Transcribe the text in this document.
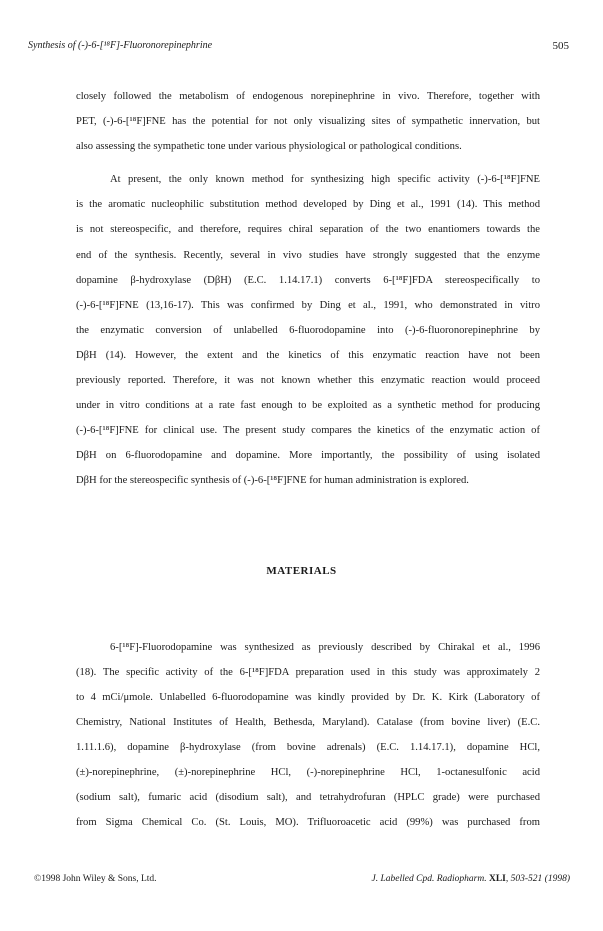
Synthesis of (-)-6-[¹⁸F]-Fluoronorepinephrine	505
closely followed the metabolism of endogenous norepinephrine in vivo. Therefore, together with
PET, (-)-6-[¹⁸F]FNE has the potential for not only visualizing sites of sympathetic innervation, but
also assessing the sympathetic tone under various physiological or pathological conditions.
At present, the only known method for synthesizing high specific activity (-)-6-[¹⁸F]FNE
is the aromatic nucleophilic substitution method developed by Ding et al., 1991 (14). This method
is not stereospecific, and therefore, requires chiral separation of the two enantiomers towards the
end of the synthesis. Recently, several in vivo studies have strongly suggested that the enzyme
dopamine β-hydroxylase (DβH) (E.C. 1.14.17.1) converts 6-[¹⁸F]FDA stereospecifically to
(-)-6-[¹⁸F]FNE (13,16-17). This was confirmed by Ding et al., 1991, who demonstrated in vitro
the enzymatic conversion of unlabelled 6-fluorodopamine into (-)-6-fluoronorepinephrine by
DβH (14). However, the extent and the kinetics of this enzymatic reaction have not been
previously reported. Therefore, it was not known whether this enzymatic reaction would proceed
under in vitro conditions at a rate fast enough to be exploited as a synthetic method for producing
(-)-6-[¹⁸F]FNE for clinical use. The present study compares the kinetics of the enzymatic action of
DβH on 6-fluorodopamine and dopamine. More importantly, the possibility of using isolated
DβH for the stereospecific synthesis of (-)-6-[¹⁸F]FNE for human administration is explored.
MATERIALS
6-[¹⁸F]-Fluorodopamine was synthesized as previously described by Chirakal et al., 1996
(18). The specific activity of the 6-[¹⁸F]FDA preparation used in this study was approximately 2
to 4 mCi/μmole. Unlabelled 6-fluorodopamine was kindly provided by Dr. K. Kirk (Laboratory of
Chemistry, National Institutes of Health, Bethesda, Maryland). Catalase (from bovine liver) (E.C.
1.11.1.6), dopamine β-hydroxylase (from bovine adrenals) (E.C. 1.14.17.1), dopamine HCl,
(±)-norepinephrine, (±)-norepinephrine HCl, (-)-norepinephrine HCl, 1-octanesulfonic acid
(sodium salt), fumaric acid (disodium salt), and tetrahydrofuran (HPLC grade) were purchased
from Sigma Chemical Co. (St. Louis, MO). Trifluoroacetic acid (99%) was purchased from
©1998 John Wiley & Sons, Ltd.	J. Labelled Cpd. Radiopharm. XLI, 503-521 (1998)
